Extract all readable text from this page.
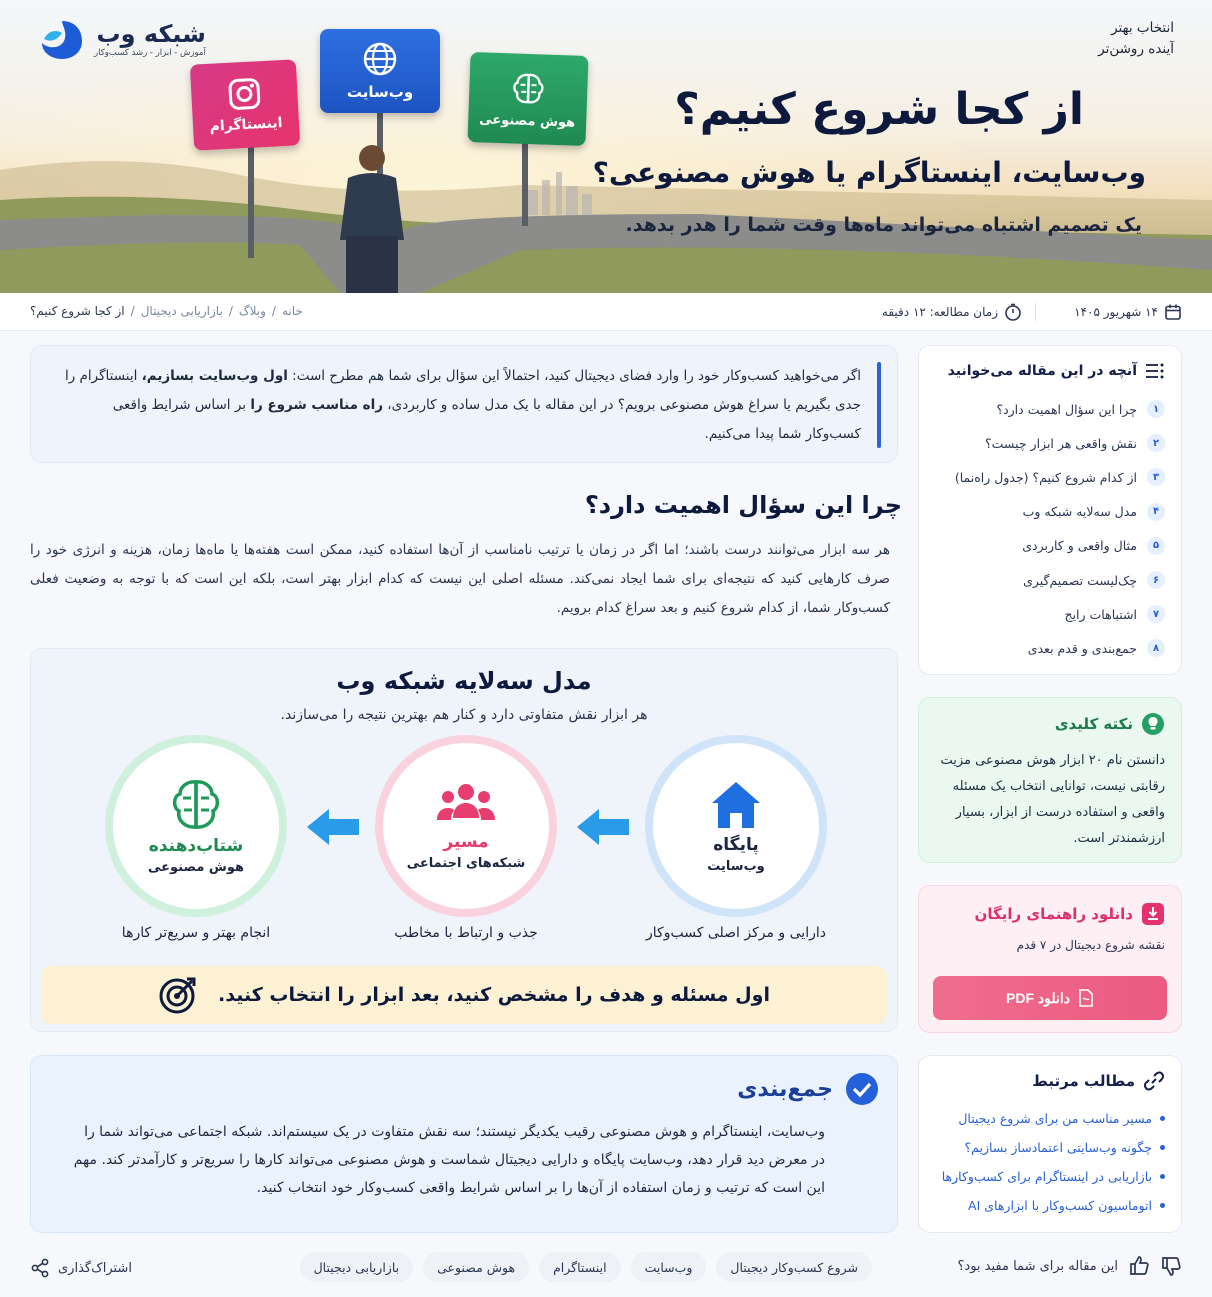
شبکه وب
آموزش - ابزار - رشد کسب‌وکار
انتخاب بهتر
آینده روشن‌تر
اینستاگرام
وب‌سایت
هوش مصنوعی از کجا شروع کنیم؟
وب‌سایت، اینستاگرام یا هوش مصنوعی؟

یک تصمیم اشتباه می‌تواند ماه‌ها وقت شما را هدر بدهد.

۱۴ شهریور ۱۴۰۵
زمان مطالعه: ۱۲ دقیقه
خانه
/
وبلاگ
/
بازاریابی دیجیتال
/
از کجا شروع کنیم؟
آنچه در این مقاله می‌خوانید
۱
چرا این سؤال اهمیت دارد؟
۲
نقش واقعی هر ابزار چیست؟
۳
از کدام شروع کنیم؟ (جدول راه‌نما)
۴
مدل سه‌لایه شبکه وب
۵
مثال واقعی و کاربردی
۶
چک‌لیست تصمیم‌گیری
۷
اشتباهات رایج
۸
جمع‌بندی و قدم بعدی
نکته کلیدی

دانستن نام ۲۰ ابزار هوش مصنوعی مزیت رقابتی نیست، توانایی انتخاب یک مسئله واقعی و استفاده درست از ابزار، بسیار ارزشمندتر است.

دانلود راهنمای رایگان
نقشه شروع دیجیتال در ۷ قدم
دانلود PDF
مطالب مرتبط
مسیر مناسب من برای شروع دیجیتال
چگونه وب‌سایتی اعتمادساز بسازیم؟
بازاریابی در اینستاگرام برای کسب‌وکارها
اتوماسیون کسب‌وکار با ابزارهای AI

اگر می‌خواهید کسب‌وکار خود را وارد فضای دیجیتال کنید، احتمالاً این سؤال برای شما هم مطرح است: اول وب‌سایت بسازیم، اینستاگرام را جدی بگیریم یا سراغ هوش مصنوعی برویم؟ در این مقاله با یک مدل ساده و کاربردی، راه مناسب شروع را بر اساس شرایط واقعی کسب‌وکار شما پیدا می‌کنیم.

چرا این سؤال اهمیت دارد؟

هر سه ابزار می‌توانند درست باشند؛ اما اگر در زمان یا ترتیب نامناسب از آن‌ها استفاده کنید، ممکن است هفته‌ها یا ماه‌ها زمان، هزینه و انرژی خود را صرف کارهایی کنید که نتیجه‌ای برای شما ایجاد نمی‌کند. مسئله اصلی این نیست که کدام ابزار بهتر است، بلکه این است که با توجه به وضعیت فعلی کسب‌وکار شما، از کدام شروع کنیم و بعد سراغ کدام برویم.

مدل سه‌لایه شبکه وب

هر ابزار نقش متفاوتی دارد و کنار هم بهترین نتیجه را می‌سازند.

پایگاه
وب‌سایت
مسیر
شبکه‌های اجتماعی
شتاب‌دهنده
هوش مصنوعی
دارایی و مرکز اصلی کسب‌وکار
جذب و ارتباط با مخاطب
انجام بهتر و سریع‌تر کارها
اول مسئله و هدف را مشخص کنید، بعد ابزار را انتخاب کنید.
جمع‌بندی

وب‌سایت، اینستاگرام و هوش مصنوعی رقیب یکدیگر نیستند؛ سه نقش متفاوت در یک سیستم‌اند. شبکه اجتماعی می‌تواند شما را در معرض دید قرار دهد، وب‌سایت پایگاه و دارایی دیجیتال شماست و هوش مصنوعی می‌تواند کارها را سریع‌تر و کارآمدتر کند. مهم این است که ترتیب و زمان استفاده از آن‌ها را بر اساس شرایط واقعی کسب‌وکار خود انتخاب کنید.

این مقاله برای شما مفید بود؟
شروع کسب‌وکار دیجیتال
وب‌سایت
اینستاگرام
هوش مصنوعی
بازاریابی دیجیتال
اشتراک‌گذاری
